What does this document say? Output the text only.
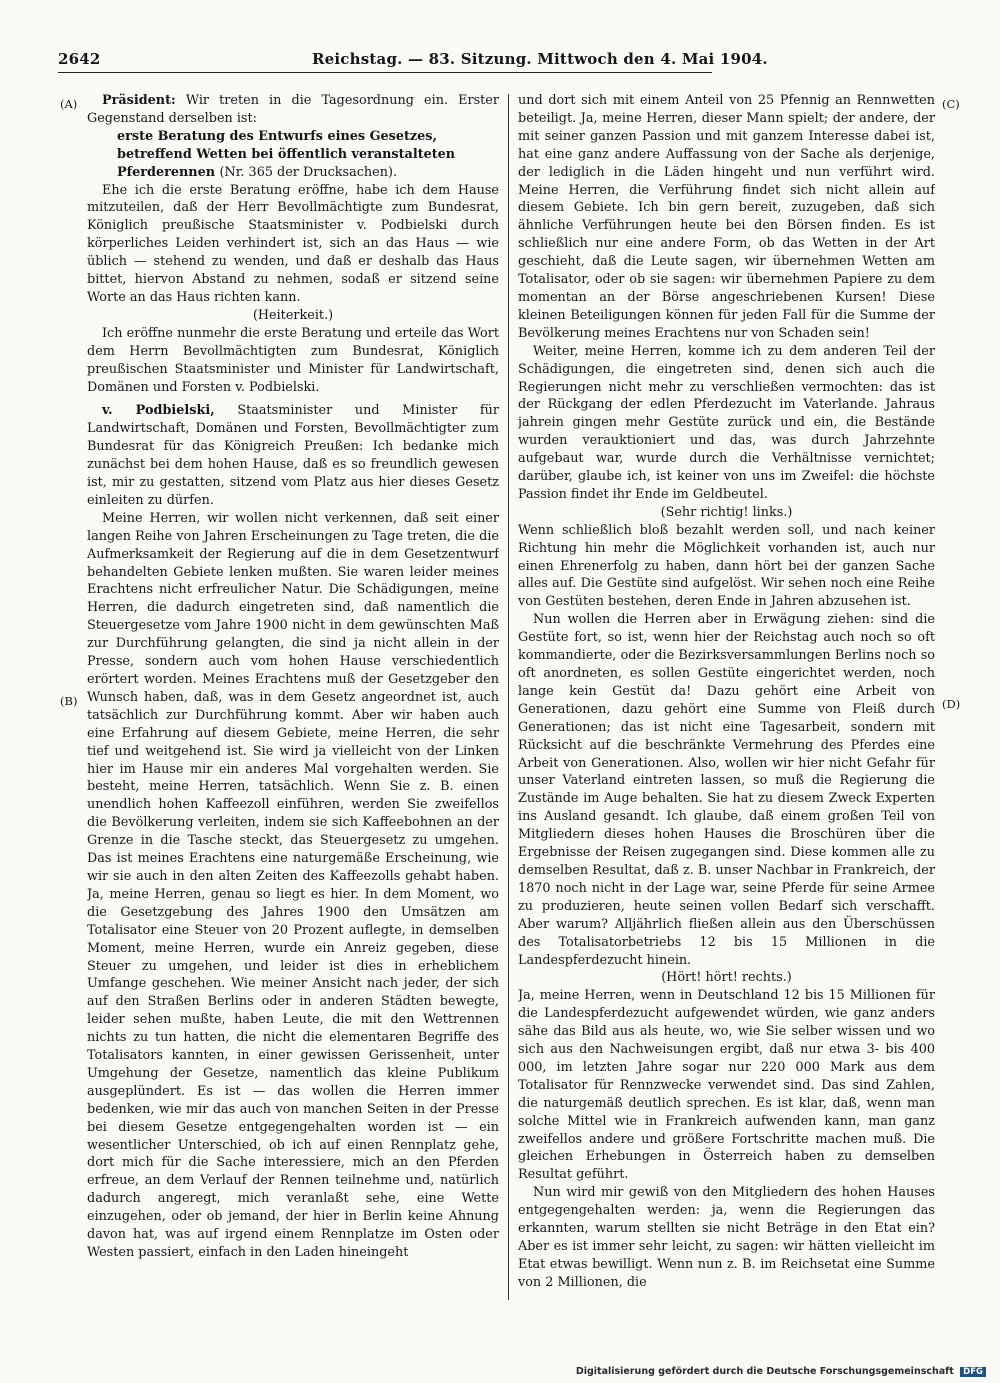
2642	Reichstag. — 83. Sitzung. Mittwoch den 4. Mai 1904.
(A)
(B)
(C)
(D)

Präsident: Wir treten in die Tagesordnung ein. Erster Gegenstand derselben ist:

erste Beratung des Entwurfs eines Gesetzes,

betreffend Wetten bei öffentlich veranstalteten

Pferderennen (Nr. 365 der Drucksachen).

Ehe ich die erste Beratung eröffne, habe ich dem Hause mitzuteilen, daß der Herr Bevollmächtigte zum Bundesrat, Königlich preußische Staatsminister v. Podbielski durch körperliches Leiden verhindert ist, sich an das Haus — wie üblich — stehend zu wenden, und daß er deshalb das Haus bittet, hiervon Abstand zu nehmen, sodaß er sitzend seine Worte an das Haus richten kann.

(Heiterkeit.)

Ich eröffne nunmehr die erste Beratung und erteile das Wort dem Herrn Bevollmächtigten zum Bundesrat, Königlich preußischen Staatsminister und Minister für Landwirtschaft, Domänen und Forsten v. Podbielski.

v. Podbielski, Staatsminister und Minister für Landwirtschaft, Domänen und Forsten, Bevollmächtigter zum Bundesrat für das Königreich Preußen: Ich bedanke mich zunächst bei dem hohen Hause, daß es so freundlich gewesen ist, mir zu gestatten, sitzend vom Platz aus hier dieses Gesetz einleiten zu dürfen.

Meine Herren, wir wollen nicht verkennen, daß seit einer langen Reihe von Jahren Erscheinungen zu Tage treten, die die Aufmerksamkeit der Regierung auf die in dem Gesetzentwurf behandelten Gebiete lenken mußten. Sie waren leider meines Erachtens nicht erfreulicher Natur. Die Schädigungen, meine Herren, die dadurch eingetreten sind, daß namentlich die Steuergesetze vom Jahre 1900 nicht in dem gewünschten Maß zur Durchführung gelangten, die sind ja nicht allein in der Presse, sondern auch vom hohen Hause verschiedentlich erörtert worden. Meines Erachtens muß der Gesetzgeber den Wunsch haben, daß, was in dem Gesetz angeordnet ist, auch tatsächlich zur Durchführung kommt. Aber wir haben auch eine Erfahrung auf diesem Gebiete, meine Herren, die sehr tief und weitgehend ist. Sie wird ja vielleicht von der Linken hier im Hause mir ein anderes Mal vorgehalten werden. Sie besteht, meine Herren, tatsächlich. Wenn Sie z. B. einen unendlich hohen Kaffeezoll einführen, werden Sie zweifellos die Bevölkerung verleiten, indem sie sich Kaffeebohnen an der Grenze in die Tasche steckt, das Steuergesetz zu umgehen. Das ist meines Erachtens eine naturgemäße Erscheinung, wie wir sie auch in den alten Zeiten des Kaffeezolls gehabt haben. Ja, meine Herren, genau so liegt es hier. In dem Moment, wo die Gesetzgebung des Jahres 1900 den Umsätzen am Totalisator eine Steuer von 20 Prozent auflegte, in demselben Moment, meine Herren, wurde ein Anreiz gegeben, diese Steuer zu umgehen, und leider ist dies in erheblichem Umfange geschehen. Wie meiner Ansicht nach jeder, der sich auf den Straßen Berlins oder in anderen Städten bewegte, leider sehen mußte, haben Leute, die mit den Wettrennen nichts zu tun hatten, die nicht die elementaren Begriffe des Totalisators kannten, in einer gewissen Gerissenheit, unter Umgehung der Gesetze, namentlich das kleine Publikum ausgeplündert. Es ist — das wollen die Herren immer bedenken, wie mir das auch von manchen Seiten in der Presse bei diesem Gesetze entgegengehalten worden ist — ein wesentlicher Unterschied, ob ich auf einen Rennplatz gehe, dort mich für die Sache interessiere, mich an den Pferden erfreue, an dem Verlauf der Rennen teilnehme und, natürlich dadurch angeregt, mich veranlaßt sehe, eine Wette einzugehen, oder ob jemand, der hier in Berlin keine Ahnung davon hat, was auf irgend einem Rennplatze im Osten oder Westen passiert, einfach in den Laden hineingeht

und dort sich mit einem Anteil von 25 Pfennig an Rennwetten beteiligt. Ja, meine Herren, dieser Mann spielt; der andere, der mit seiner ganzen Passion und mit ganzem Interesse dabei ist, hat eine ganz andere Auffassung von der Sache als derjenige, der lediglich in die Läden hingeht und nun verführt wird. Meine Herren, die Verführung findet sich nicht allein auf diesem Gebiete. Ich bin gern bereit, zuzugeben, daß sich ähnliche Verführungen heute bei den Börsen finden. Es ist schließlich nur eine andere Form, ob das Wetten in der Art geschieht, daß die Leute sagen, wir übernehmen Wetten am Totalisator, oder ob sie sagen: wir übernehmen Papiere zu dem momentan an der Börse angeschriebenen Kursen! Diese kleinen Beteiligungen können für jeden Fall für die Summe der Bevölkerung meines Erachtens nur von Schaden sein!

Weiter, meine Herren, komme ich zu dem anderen Teil der Schädigungen, die eingetreten sind, denen sich auch die Regierungen nicht mehr zu verschließen vermochten: das ist der Rückgang der edlen Pferdezucht im Vaterlande. Jahraus jahrein gingen mehr Gestüte zurück und ein, die Bestände wurden verauktioniert und das, was durch Jahrzehnte aufgebaut war, wurde durch die Verhältnisse vernichtet; darüber, glaube ich, ist keiner von uns im Zweifel: die höchste Passion findet ihr Ende im Geldbeutel.

(Sehr richtig! links.)

Wenn schließlich bloß bezahlt werden soll, und nach keiner Richtung hin mehr die Möglichkeit vorhanden ist, auch nur einen Ehrenerfolg zu haben, dann hört bei der ganzen Sache alles auf. Die Gestüte sind aufgelöst. Wir sehen noch eine Reihe von Gestüten bestehen, deren Ende in Jahren abzusehen ist.

Nun wollen die Herren aber in Erwägung ziehen: sind die Gestüte fort, so ist, wenn hier der Reichstag auch noch so oft kommandierte, oder die Bezirksversammlungen Berlins noch so oft anordneten, es sollen Gestüte eingerichtet werden, noch lange kein Gestüt da! Dazu gehört eine Arbeit von Generationen, dazu gehört eine Summe von Fleiß durch Generationen; das ist nicht eine Tagesarbeit, sondern mit Rücksicht auf die beschränkte Vermehrung des Pferdes eine Arbeit von Generationen. Also, wollen wir hier nicht Gefahr für unser Vaterland eintreten lassen, so muß die Regierung die Zustände im Auge behalten. Sie hat zu diesem Zweck Experten ins Ausland gesandt. Ich glaube, daß einem großen Teil von Mitgliedern dieses hohen Hauses die Broschüren über die Ergebnisse der Reisen zugegangen sind. Diese kommen alle zu demselben Resultat, daß z. B. unser Nachbar in Frankreich, der 1870 noch nicht in der Lage war, seine Pferde für seine Armee zu produzieren, heute seinen vollen Bedarf sich verschafft. Aber warum? Alljährlich fließen allein aus den Überschüssen des Totalisatorbetriebs 12 bis 15 Millionen in die Landespferdezucht hinein.

(Hört! hört! rechts.)

Ja, meine Herren, wenn in Deutschland 12 bis 15 Millionen für die Landespferdezucht aufgewendet würden, wie ganz anders sähe das Bild aus als heute, wo, wie Sie selber wissen und wo sich aus den Nachweisungen ergibt, daß nur etwa 3- bis 400 000, im letzten Jahre sogar nur 220 000 Mark aus dem Totalisator für Rennzwecke verwendet sind. Das sind Zahlen, die naturgemäß deutlich sprechen. Es ist klar, daß, wenn man solche Mittel wie in Frankreich aufwenden kann, man ganz zweifellos andere und größere Fortschritte machen muß. Die gleichen Erhebungen in Österreich haben zu demselben Resultat geführt.

Nun wird mir gewiß von den Mitgliedern des hohen Hauses entgegengehalten werden: ja, wenn die Regierungen das erkannten, warum stellten sie nicht Beträge in den Etat ein? Aber es ist immer sehr leicht, zu sagen: wir hätten vielleicht im Etat etwas bewilligt. Wenn nun z. B. im Reichsetat eine Summe von 2 Millionen, die

Digitalisierung gefördert durch die Deutsche Forschungsgemeinschaft DFG
